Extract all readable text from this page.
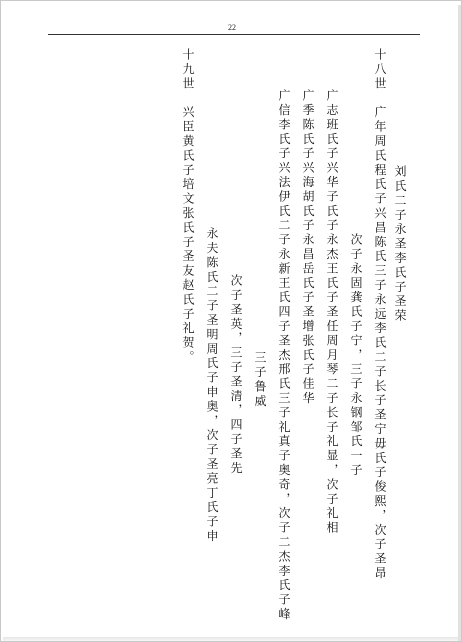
22
刘氏二子永圣李氏子圣荣
十八世　广年周氏程氏子兴昌陈氏三子永远李氏二子长子圣宁毋氏子俊熙，次子圣昂
次子永固龚氏子宁，三子永钢邹氏一子
广志班氏子兴华子氏子永杰王氏子圣任周月琴二子长子礼显，次子礼相
广季陈氏子兴海胡氏子永昌岳氏子圣增张氏子佳华
广信李氏子兴法伊氏二子永新王氏四子圣杰邢氏三子礼真子奥奇，次子二杰李氏子峰
三子鲁威
次子圣英，三子圣清，四子圣先
永夫陈氏二子圣明周氏子申奥，次子圣亮丁氏子申
十九世　兴臣黄氏子培文张氏子圣友赵氏子礼贺。
